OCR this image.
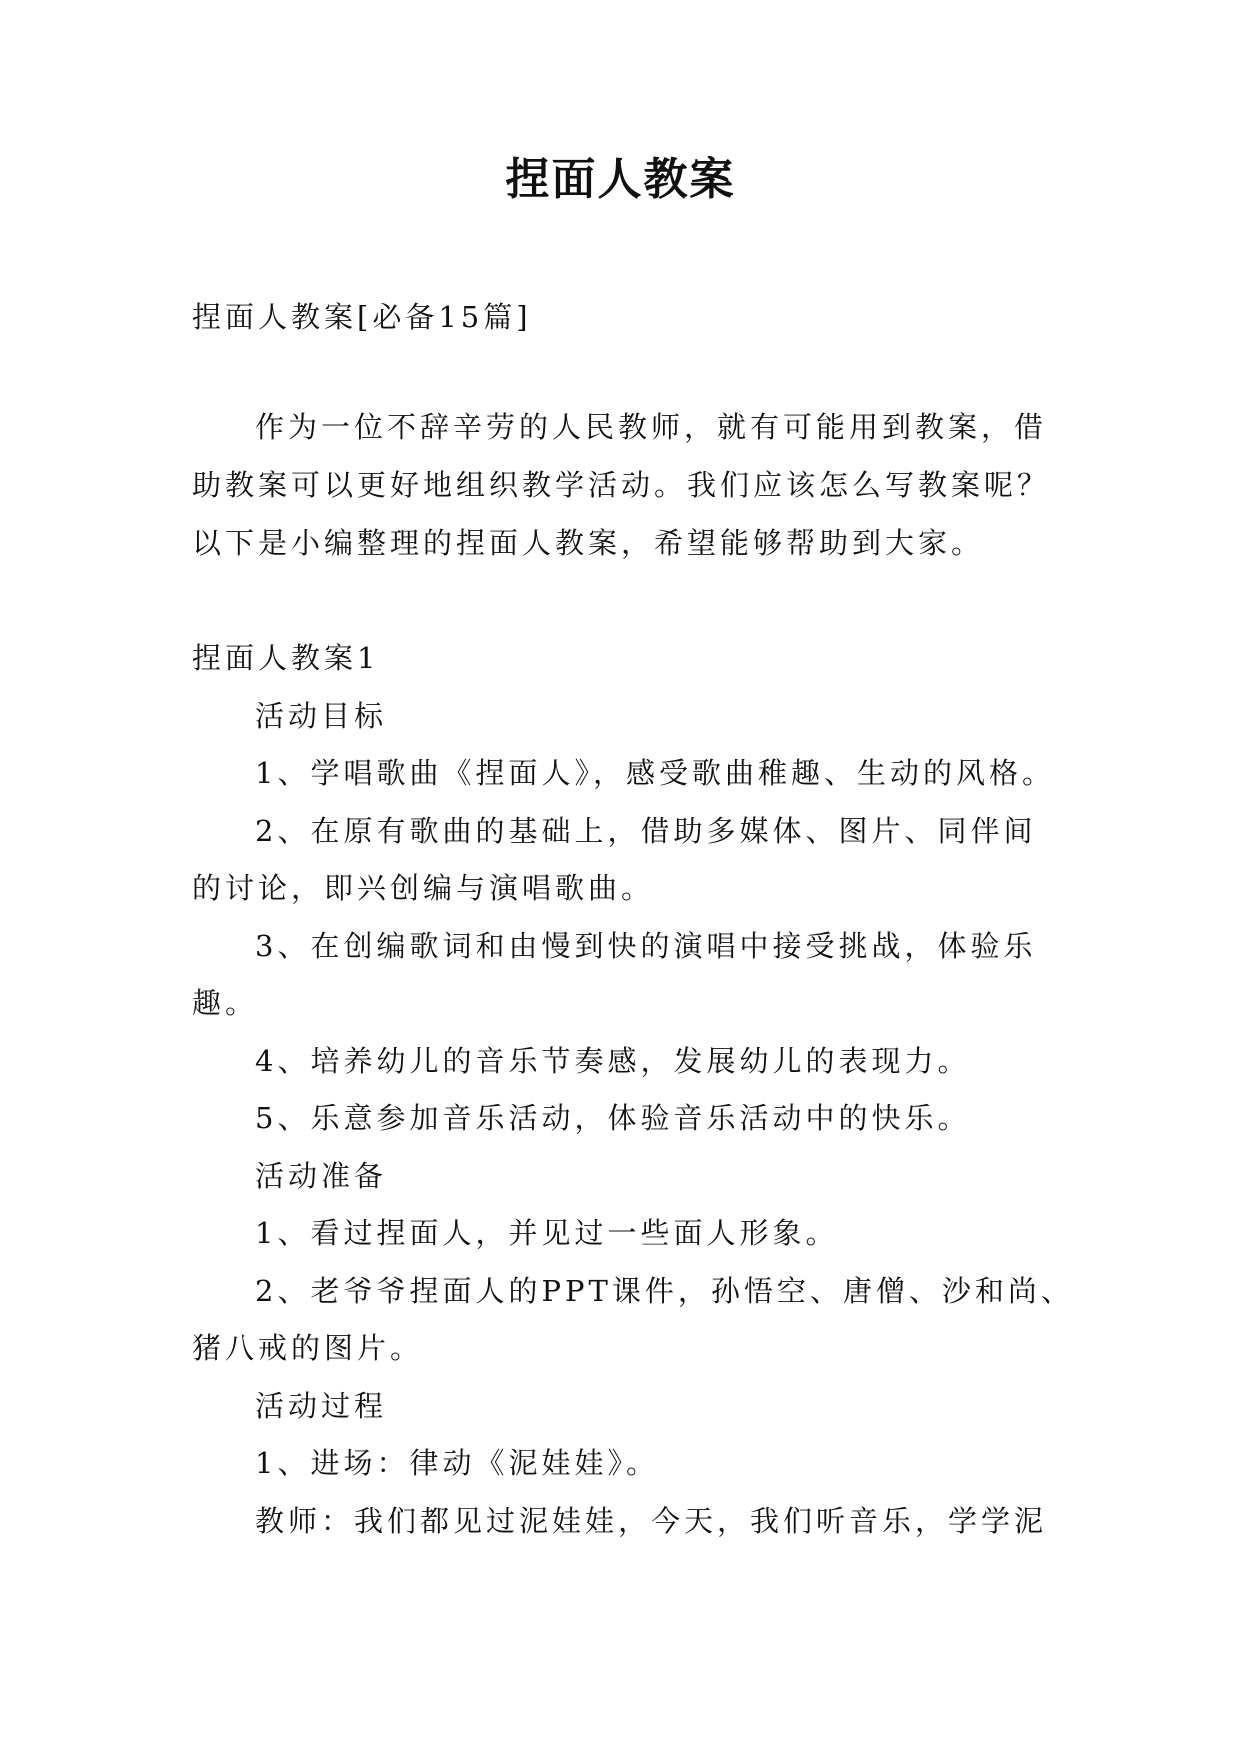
捏面人教案
捏面人教案[必备15篇]
作为一位不辞辛劳的人民教师，就有可能用到教案，借
助教案可以更好地组织教学活动。我们应该怎么写教案呢？
以下是小编整理的捏面人教案，希望能够帮助到大家。
捏面人教案1
活动目标
1、学唱歌曲《捏面人》，感受歌曲稚趣、生动的风格。
2、在原有歌曲的基础上，借助多媒体、图片、同伴间
的讨论，即兴创编与演唱歌曲。
3、在创编歌词和由慢到快的演唱中接受挑战，体验乐
趣。
4、培养幼儿的音乐节奏感，发展幼儿的表现力。
5、乐意参加音乐活动，体验音乐活动中的快乐。
活动准备
1、看过捏面人，并见过一些面人形象。
2、老爷爷捏面人的PPT课件，孙悟空、唐僧、沙和尚、
猪八戒的图片。
活动过程
1、进场：律动《泥娃娃》。
教师：我们都见过泥娃娃，今天，我们听音乐，学学泥
